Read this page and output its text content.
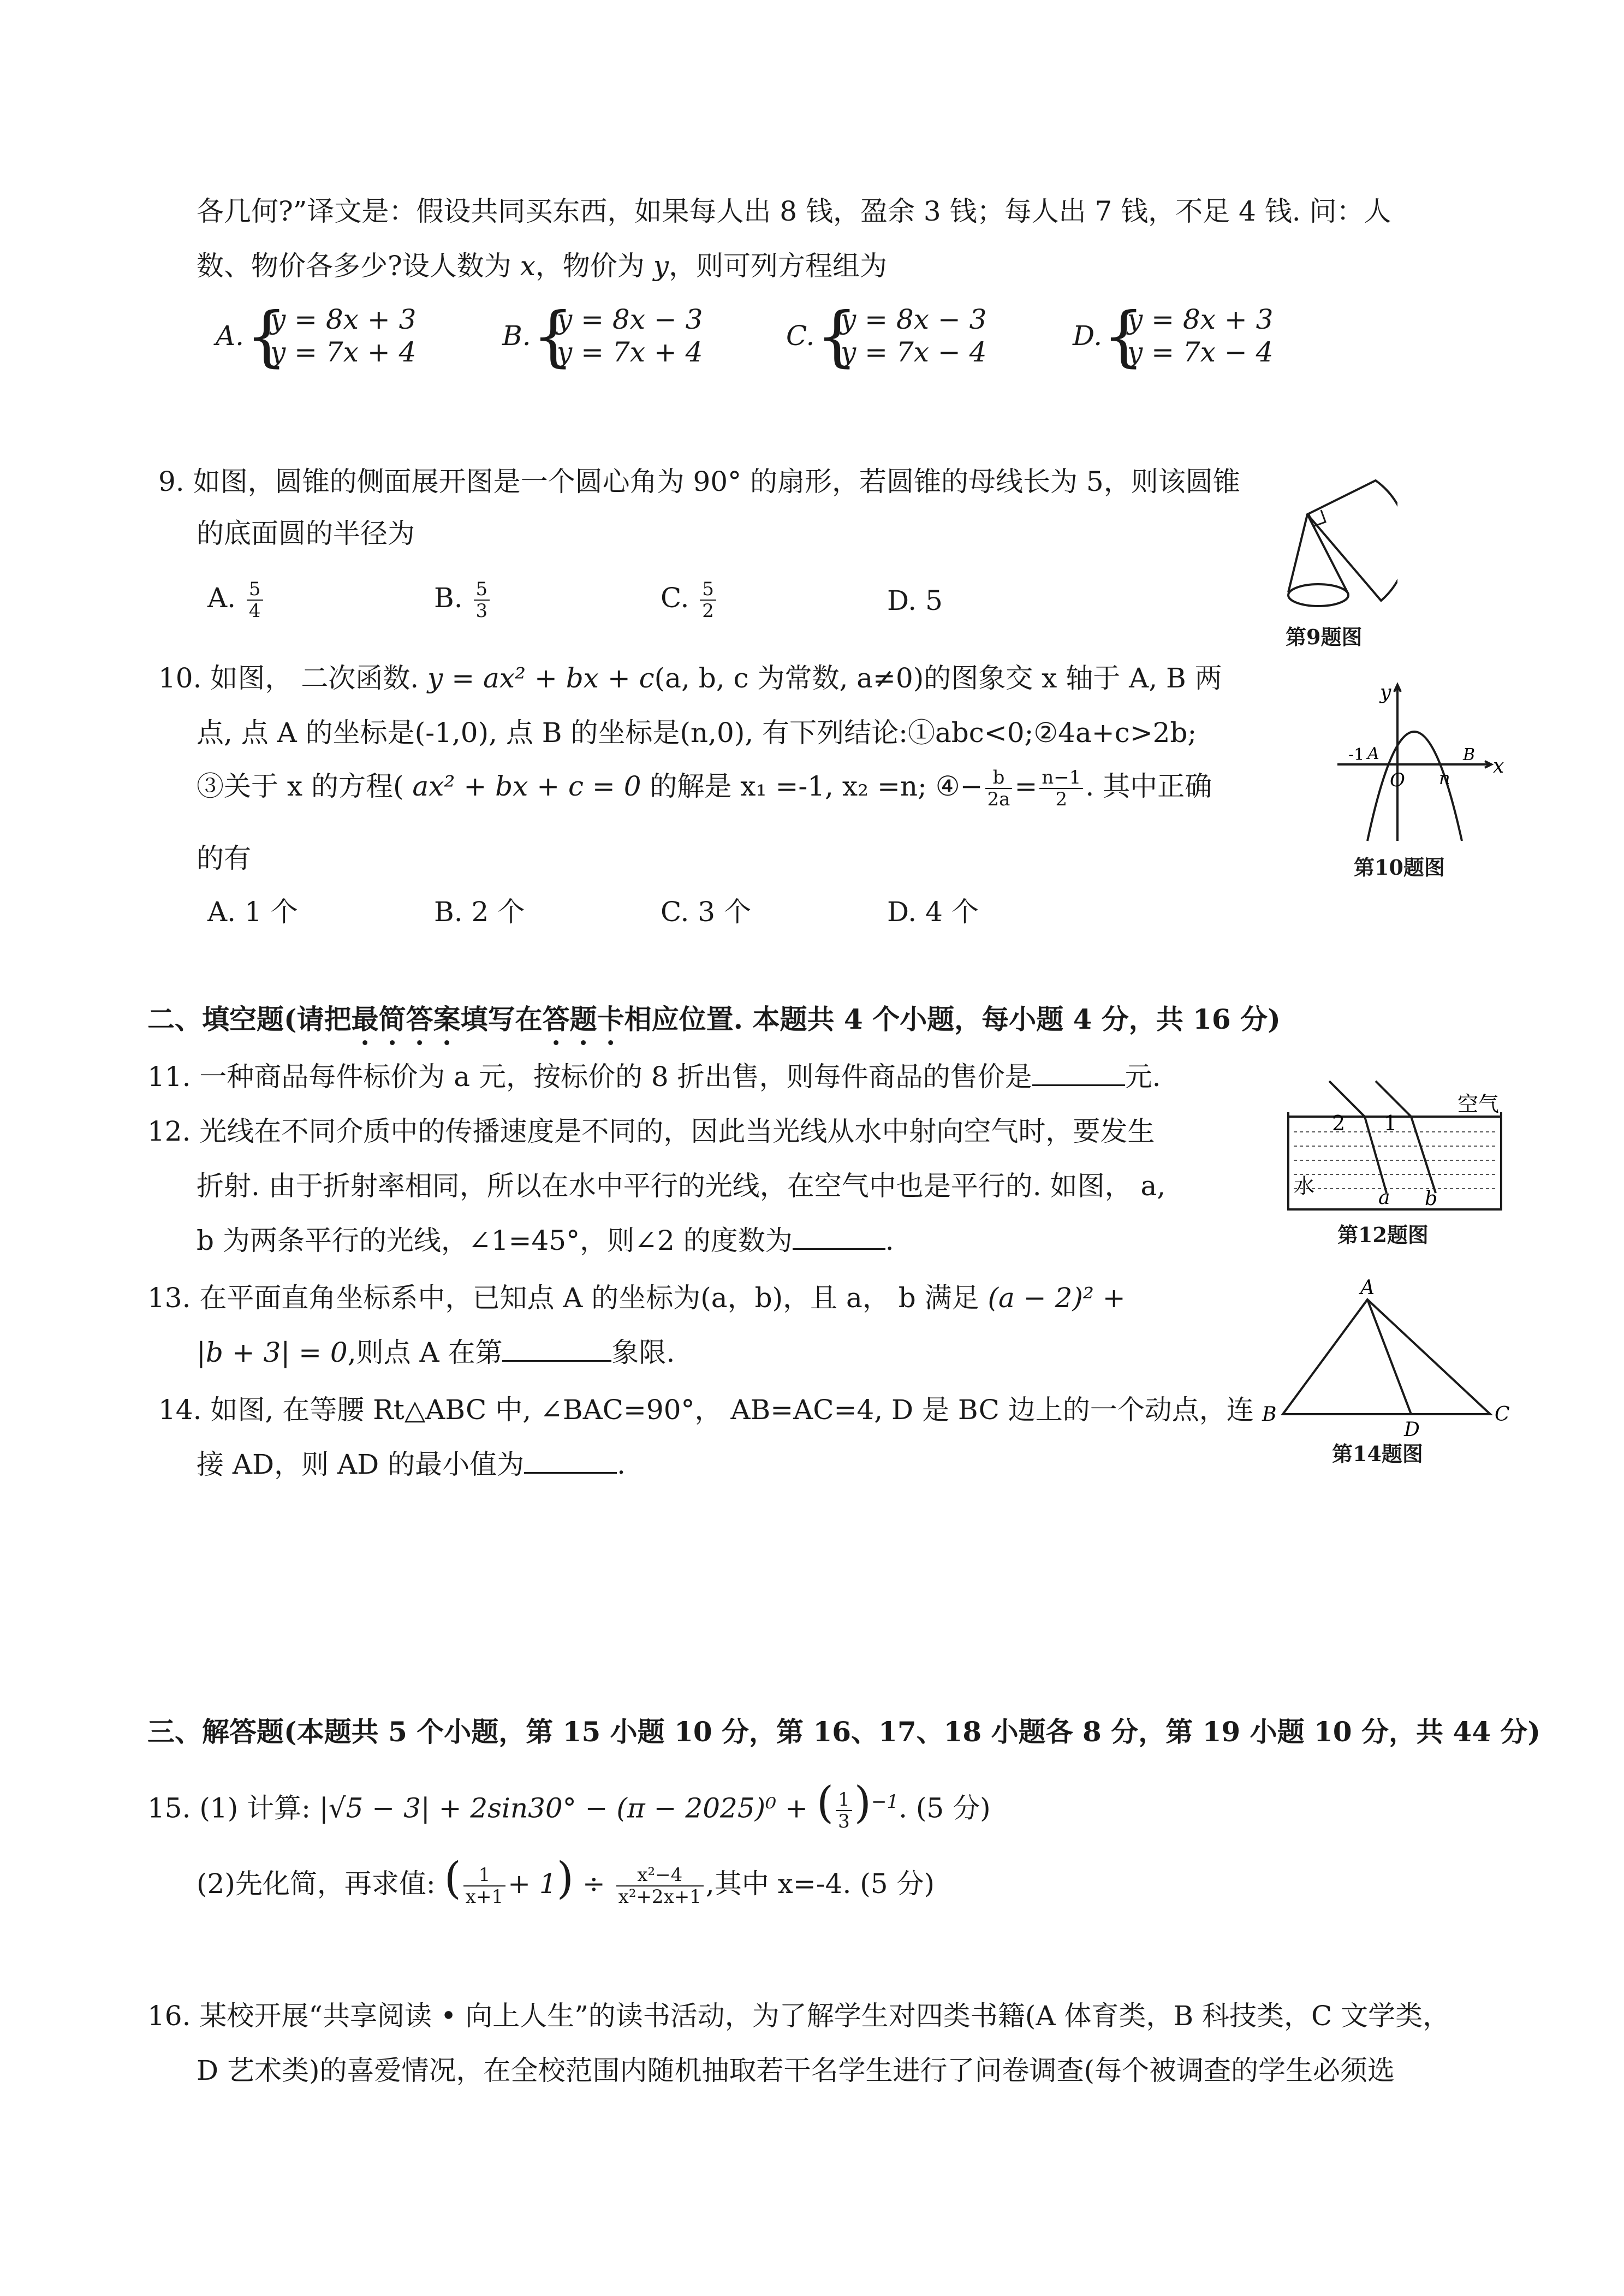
各几何?”译文是：假设共同买东西，如果每人出 8 钱，盈余 3 钱；每人出 7 钱，不足 4 钱. 问：人
数、物价各多少?设人数为 x，物价为 y，则可列方程组为
A. {
y = 8x + 3
y = 7x + 4
B. {
y = 8x − 3
y = 7x + 4
C. {
y = 8x − 3
y = 7x − 4
D. {
y = 8x + 3
y = 7x − 4
9. 如图，圆锥的侧面展开图是一个圆心角为 90° 的扇形，若圆锥的母线长为 5，则该圆锥
的底面圆的半径为
A. $\frac{5}{4}$	B. $\frac{5}{3}$	C. $\frac{5}{2}$	D. 5
第9题图
10. 如图， 二次函数. y = ax² + bx + c(a, b, c 为常数, a≠0)的图象交 x 轴于 A, B 两
点, 点 A 的坐标是(-1,0), 点 B 的坐标是(n,0), 有下列结论:①abc<0;②4a+c>2b;
③关于 x 的方程( ax² + bx + c = 0 的解是 x₁ =-1, x₂ =n; ④− $\frac{b}{2a} = \frac{n-1}{2}$ . 其中正确
的有
A. 1 个	B. 2 个	C. 3 个	D. 4 个
y
x
O
-1 A
n
B
第10题图
二、填空题(请把最简答案填写在答题卡相应位置. 本题共 4 个小题，每小题 4 分，共 16 分)
11. 一种商品每件标价为 a 元，按标价的 8 折出售，则每件商品的售价是	元.
12. 光线在不同介质中的传播速度是不同的，因此当光线从水中射向空气时，要发生
折射. 由于折射率相同，所以在水中平行的光线，在空气中也是平行的. 如图， a,
b 为两条平行的光线，∠1=45°，则∠2 的度数为	.
2 1
空气
水	a b
第12题图
13. 在平面直角坐标系中，已知点 A 的坐标为(a，b)，且 a， b 满足 (a − 2)² +
|b + 3| = 0,则点 A 在第	象限.
14. 如图, 在等腰 Rt△ABC 中, ∠BAC=90°， AB=AC=4, D 是 BC 边上的一个动点，连
接 AD，则 AD 的最小值为	.
A
B	C
D
第14题图
三、解答题(本题共 5 个小题，第 15 小题 10 分，第 16、17、18 小题各 8 分，第 19 小题 10 分，共 44 分)
15. (1) 计算: |√5 − 3| + 2sin30° − (π − 2025)⁰ + ( $\frac{1}{3} )^{-1}$. (5 分)
(2)先化简，再求值: ( $\frac{1}{x+1} + 1) \div \frac{\text{x²−4}}{\text{x²+2x+1}}$ ,其中 x=-4. (5 分)
16. 某校开展“共享阅读 • 向上人生”的读书活动，为了解学生对四类书籍(A 体育类，B 科技类，C 文学类，
D 艺术类)的喜爱情况，在全校范围内随机抽取若干名学生进行了问卷调查(每个被调查的学生必须选
